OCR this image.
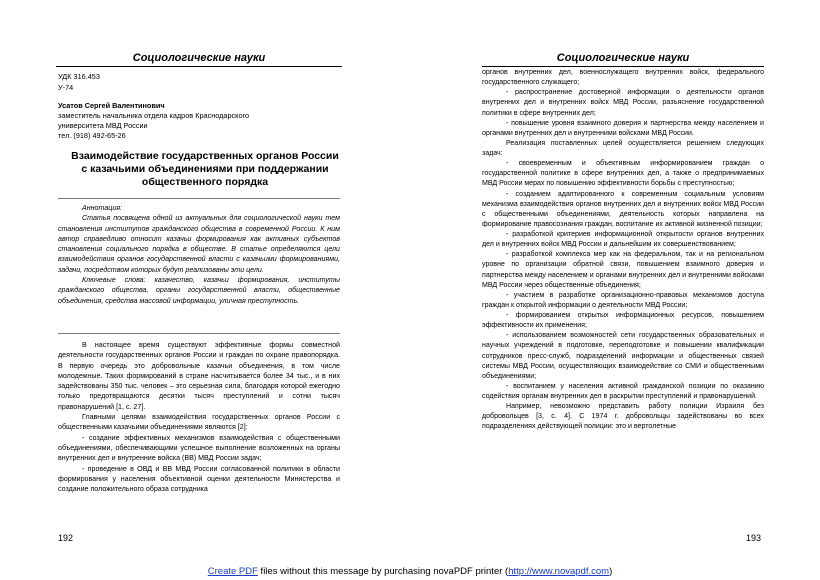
Социологические науки
УДК 316.453
У-74
Усатов Сергей Валентинович
заместитель начальника отдела кадров Краснодарского
университета МВД России
тел. (918) 492-65-26
Взаимодействие государственных органов России
с казачьими объединениями при поддержании
общественного порядка

Аннотация:

Статья посвящена одной из актуальных для социологической науки тем становления институтов гражданского общества в современной России. К ним автор справедливо относит казачьи формирования как активных субъектов становления социального порядка в обществе. В статье определяются цели взаимодействия органов государственной власти с казачьими формированиями, задачи, посредством которых будут реализованы эти цели.

Ключевые слова: казачество, казачьи формирования, институты гражданского общества, органы государственной власти, общественные объединения, средства массовой информации, уличная преступность.

В настоящее время существуют эффективные формы совместной деятельности государственных органов России и граждан по охране правопорядка. В первую очередь это добровольные казачьи объединения, в том числе молодежные. Таких формирований в стране насчитывается более 34 тыс., и в них задействованы 350 тыс. человек – это серьезная сила, благодаря которой ежегодно только предотвращаются десятки тысяч преступлений и сотни тысяч правонарушений [1, с. 27].

Главными целями взаимодействия государственных органов России с общественными казачьими объединениями являются [2]:

- создание эффективных механизмов взаимодействия с общественными объединениями, обеспечивающими успешное выполнение возложенных на органы внутренних дел и внутренние войска (ВВ) МВД России задач;

- проведение в ОВД и ВВ МВД России согласованной политики в области формирования у населения объективной оценки деятельности Министерства и создание положительного образа сотрудника

192
Социологические науки

органов внутренних дел, военнослужащего внутренних войск, федерального государственного служащего;

- распространение достоверной информации о деятельности органов внутренних дел и внутренних войск МВД России, разъяснение государственной политики в сфере внутренних дел;

- повышение уровня взаимного доверия и партнерства между населением и органами внутренних дел и внутренними войсками МВД России.

Реализация поставленных целей осуществляется решением следующих задач:

- своевременным и объективным информированием граждан о государственной политике в сфере внутренних дел, а также о предпринимаемых МВД России мерах по повышению эффективности борьбы с преступностью;

- созданием адаптированного к современным социальным условиям механизма взаимодействия органов внутренних дел и внутренних войск МВД России с общественными объединениями, деятельность которых направлена на формирование правосознания граждан, воспитание их активной жизненной позиции;

- разработкой критериев информационной открытости органов внутренних дел и внутренних войск МВД России и дальнейшим их совершенствованием;

- разработкой комплекса мер как на федеральном, так и на региональном уровне по организации обратной связи, повышением взаимного доверия и партнерства между населением и органами внутренних дел и внутренними войсками МВД России через общественные объединения;

- участием в разработке организационно-правовых механизмов доступа граждан к открытой информации о деятельности МВД России;

- формированием открытых информационных ресурсов, повышением эффективности их применения;

- использованием возможностей сети государственных образовательных и научных учреждений в подготовке, переподготовке и повышении квалификации сотрудников пресс-служб, подразделений информации и общественных связей системы МВД России, осуществляющих взаимодействие со СМИ и общественными объединениями;

- воспитанием у населения активной гражданской позиции по оказанию содействия органам внутренних дел в раскрытии преступлений и правонарушений.

Например, невозможно представить работу полиции Израиля без добровольцев [3, с. 4]. С 1974 г. добровольцы задействованы во всех подразделениях действующей полиции: это и вертолетные

193
Create PDF files without this message by purchasing novaPDF printer (http://www.novapdf.com)
